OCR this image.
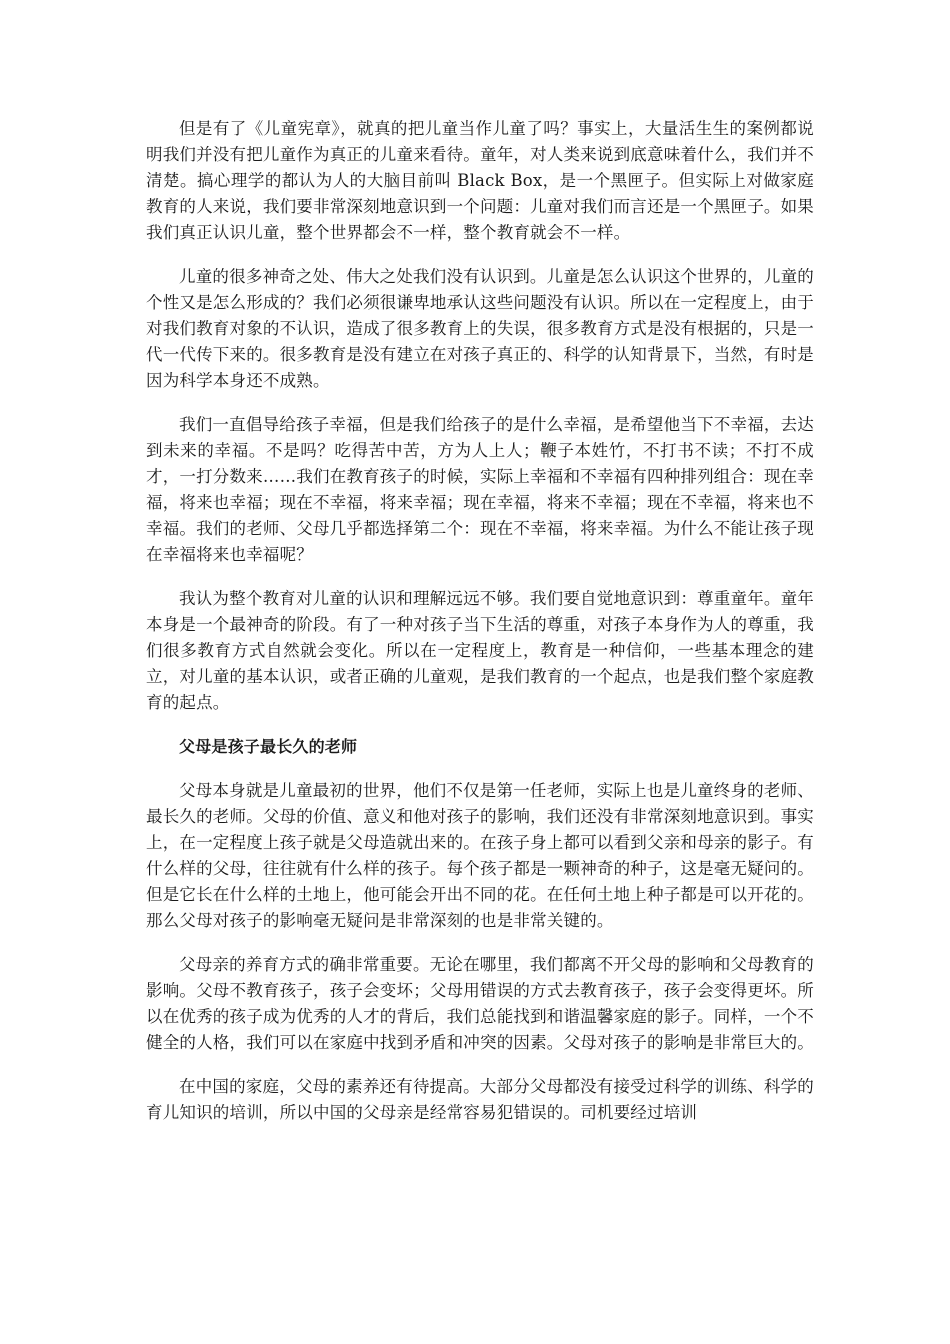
但是有了《儿童宪章》，就真的把儿童当作儿童了吗？事实上，大量活生生的案例都说明我们并没有把儿童作为真正的儿童来看待。童年，对人类来说到底意味着什么，我们并不清楚。搞心理学的都认为人的大脑目前叫 Black Box，是一个黑匣子。但实际上对做家庭教育的人来说，我们要非常深刻地意识到一个问题：儿童对我们而言还是一个黑匣子。如果我们真正认识儿童，整个世界都会不一样，整个教育就会不一样。

儿童的很多神奇之处、伟大之处我们没有认识到。儿童是怎么认识这个世界的，儿童的个性又是怎么形成的？我们必须很谦卑地承认这些问题没有认识。所以在一定程度上，由于对我们教育对象的不认识，造成了很多教育上的失误，很多教育方式是没有根据的，只是一代一代传下来的。很多教育是没有建立在对孩子真正的、科学的认知背景下，当然，有时是因为科学本身还不成熟。

我们一直倡导给孩子幸福，但是我们给孩子的是什么幸福，是希望他当下不幸福，去达到未来的幸福。不是吗？吃得苦中苦，方为人上人；鞭子本姓竹，不打书不读；不打不成才，一打分数来……我们在教育孩子的时候，实际上幸福和不幸福有四种排列组合：现在幸福，将来也幸福；现在不幸福，将来幸福；现在幸福，将来不幸福；现在不幸福，将来也不幸福。我们的老师、父母几乎都选择第二个：现在不幸福，将来幸福。为什么不能让孩子现在幸福将来也幸福呢？

我认为整个教育对儿童的认识和理解远远不够。我们要自觉地意识到：尊重童年。童年本身是一个最神奇的阶段。有了一种对孩子当下生活的尊重，对孩子本身作为人的尊重，我们很多教育方式自然就会变化。所以在一定程度上，教育是一种信仰，一些基本理念的建立，对儿童的基本认识，或者正确的儿童观，是我们教育的一个起点，也是我们整个家庭教育的起点。

父母是孩子最长久的老师

父母本身就是儿童最初的世界，他们不仅是第一任老师，实际上也是儿童终身的老师、最长久的老师。父母的价值、意义和他对孩子的影响，我们还没有非常深刻地意识到。事实上，在一定程度上孩子就是父母造就出来的。在孩子身上都可以看到父亲和母亲的影子。有什么样的父母，往往就有什么样的孩子。每个孩子都是一颗神奇的种子，这是毫无疑问的。但是它长在什么样的土地上，他可能会开出不同的花。在任何土地上种子都是可以开花的。那么父母对孩子的影响毫无疑问是非常深刻的也是非常关键的。

父母亲的养育方式的确非常重要。无论在哪里，我们都离不开父母的影响和父母教育的影响。父母不教育孩子，孩子会变坏；父母用错误的方式去教育孩子，孩子会变得更坏。所以在优秀的孩子成为优秀的人才的背后，我们总能找到和谐温馨家庭的影子。同样，一个不健全的人格，我们可以在家庭中找到矛盾和冲突的因素。父母对孩子的影响是非常巨大的。

在中国的家庭，父母的素养还有待提高。大部分父母都没有接受过科学的训练、科学的育儿知识的培训，所以中国的父母亲是经常容易犯错误的。司机要经过培训
